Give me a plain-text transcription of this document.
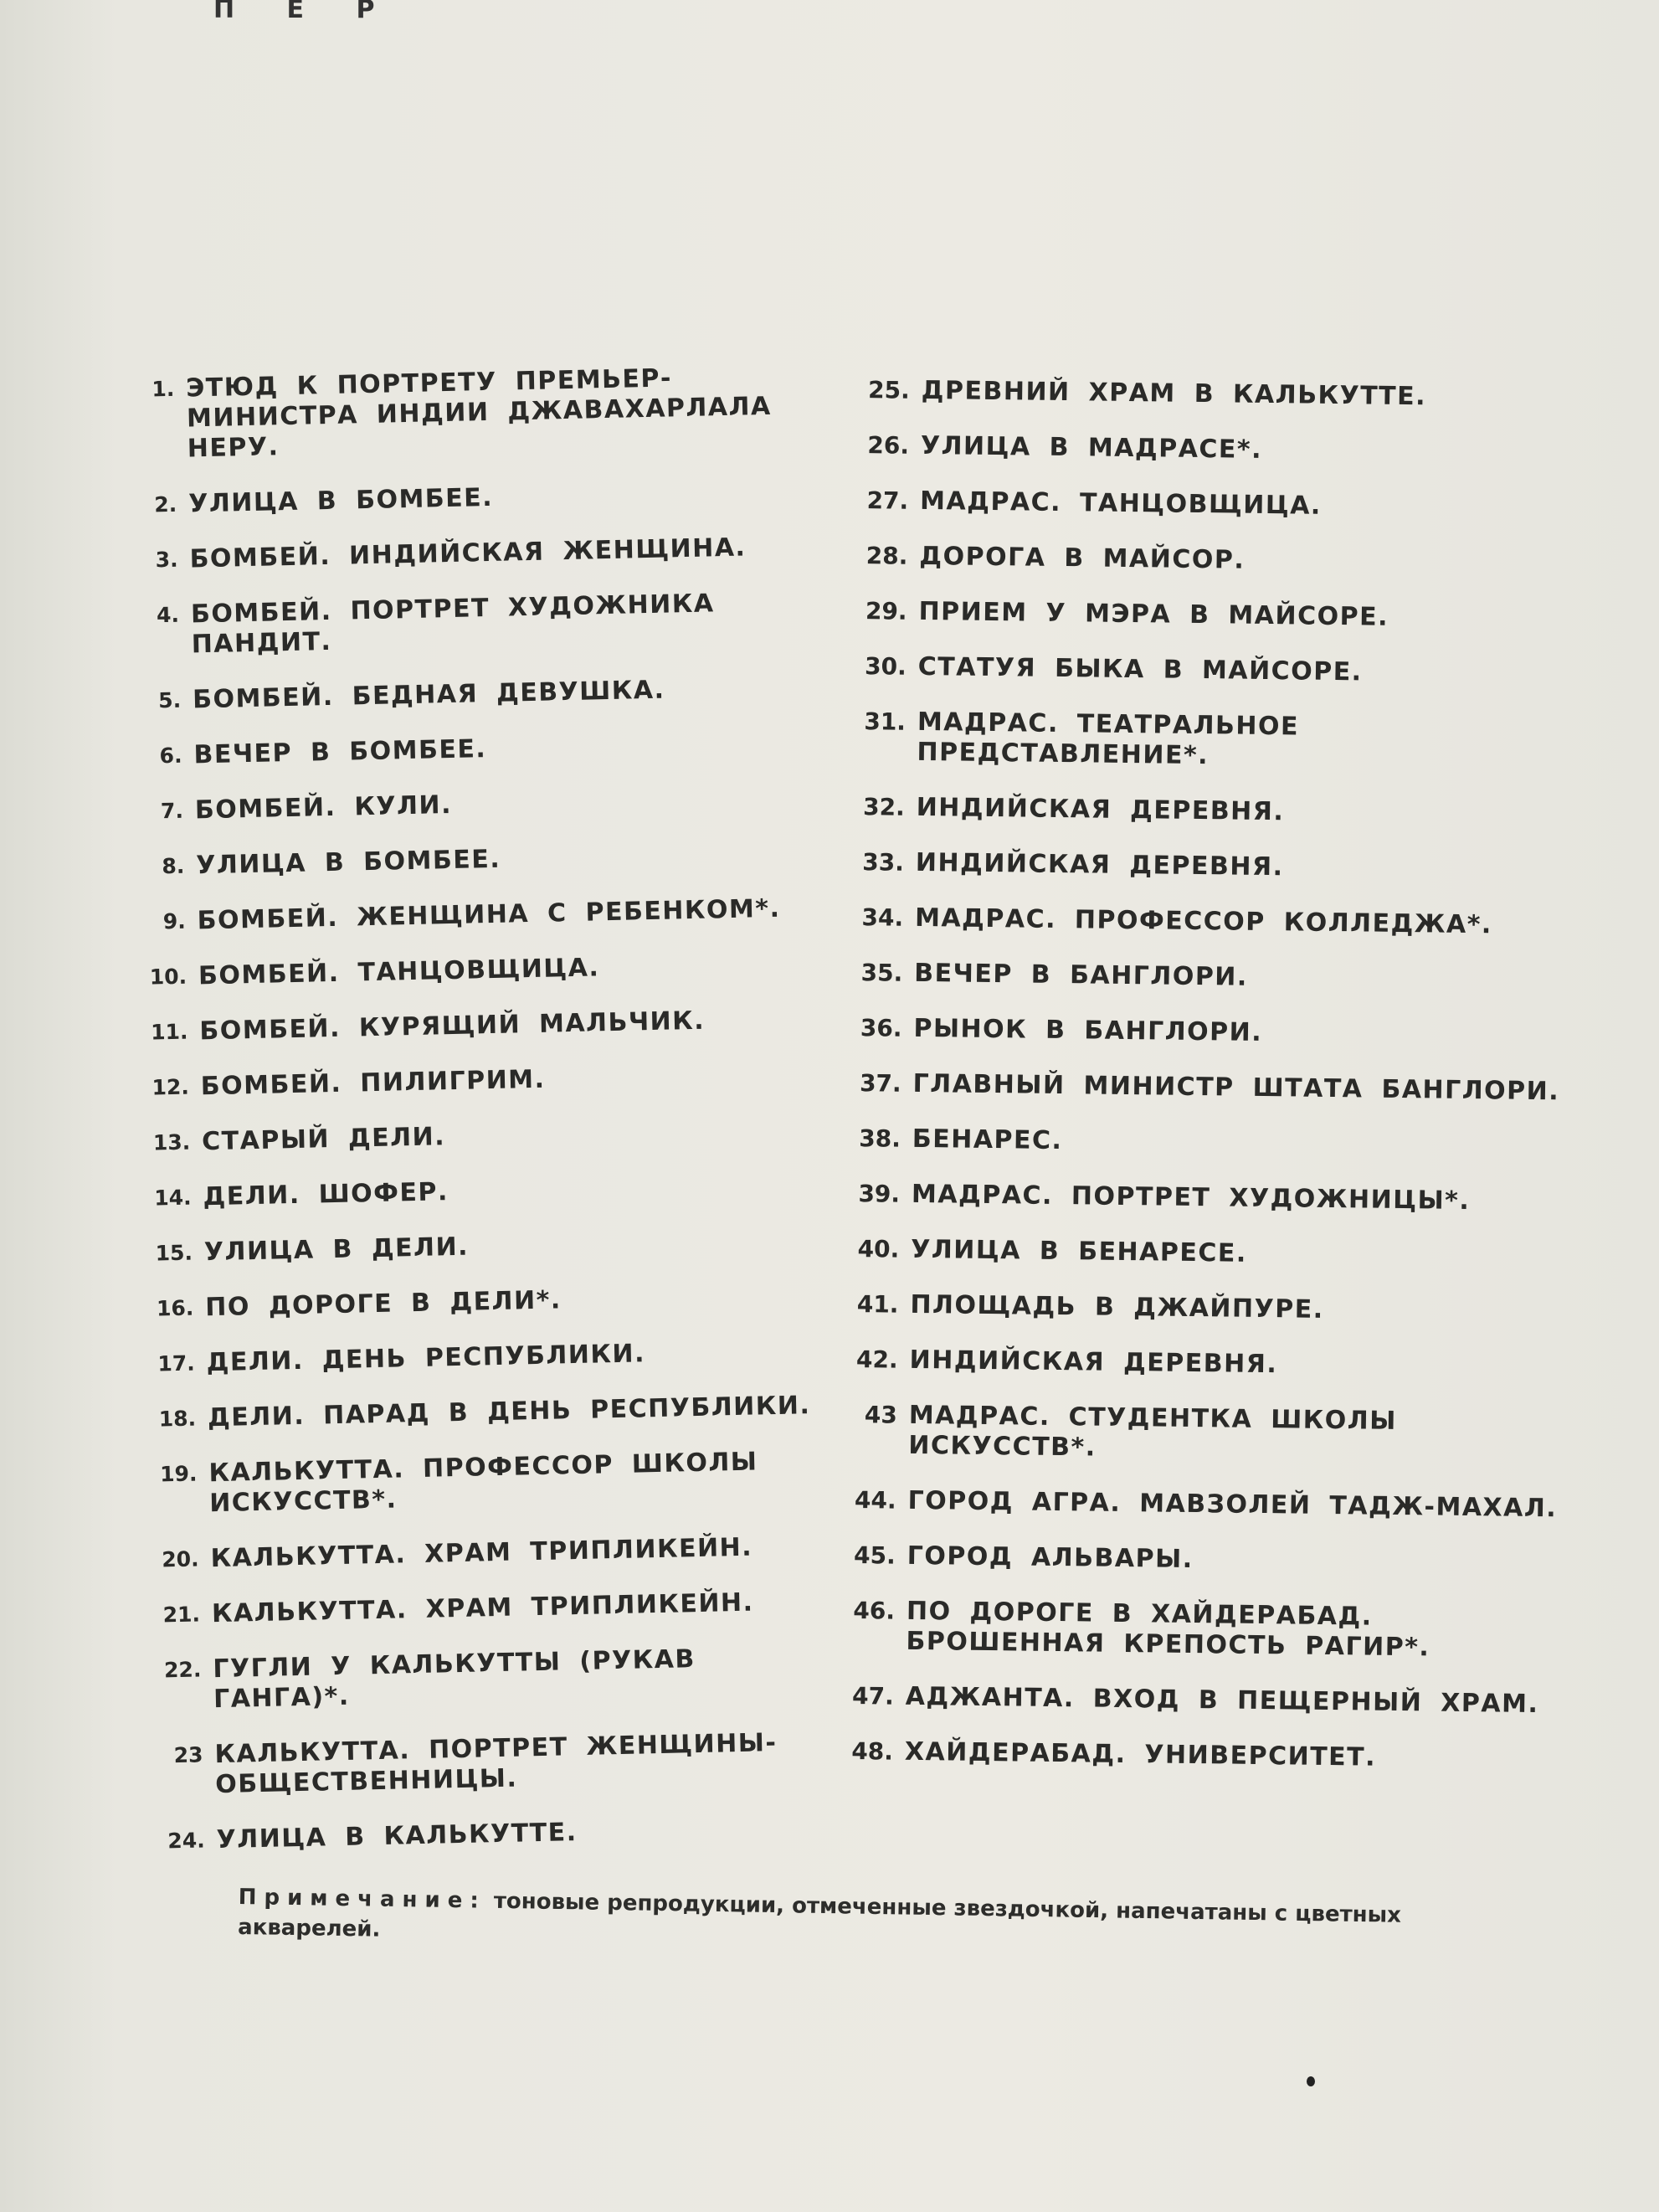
П Е Р
1. ЭТЮД К ПОРТРЕТУ ПРЕМЬЕР-МИНИСТРА ИНДИИ ДЖАВАХАРЛАЛА НЕРУ.
2. УЛИЦА В БОМБЕЕ.
3. БОМБЕЙ. ИНДИЙСКАЯ ЖЕНЩИНА.
4. БОМБЕЙ. ПОРТРЕТ ХУДОЖНИКА ПАНДИТ.
5. БОМБЕЙ. БЕДНАЯ ДЕВУШКА.
6. ВЕЧЕР В БОМБЕЕ.
7. БОМБЕЙ. КУЛИ.
8. УЛИЦА В БОМБЕЕ.
9. БОМБЕЙ. ЖЕНЩИНА С РЕБЕНКОМ*.
10. БОМБЕЙ. ТАНЦОВЩИЦА.
11. БОМБЕЙ. КУРЯЩИЙ МАЛЬЧИК.
12. БОМБЕЙ. ПИЛИГРИМ.
13. СТАРЫЙ ДЕЛИ.
14. ДЕЛИ. ШОФЕР.
15. УЛИЦА В ДЕЛИ.
16. ПО ДОРОГЕ В ДЕЛИ*.
17. ДЕЛИ. ДЕНЬ РЕСПУБЛИКИ.
18. ДЕЛИ. ПАРАД В ДЕНЬ РЕСПУБЛИКИ.
19. КАЛЬКУТТА. ПРОФЕССОР ШКОЛЫ ИСКУССТВ*.
20. КАЛЬКУТТА. ХРАМ ТРИПЛИКЕЙН.
21. КАЛЬКУТТА. ХРАМ ТРИПЛИКЕЙН.
22. ГУГЛИ У КАЛЬКУТТЫ (РУКАВ ГАНГА)*.
23 КАЛЬКУТТА. ПОРТРЕТ ЖЕНЩИНЫ-ОБЩЕСТВЕННИЦЫ.
24. УЛИЦА В КАЛЬКУТТЕ.
25. ДРЕВНИЙ ХРАМ В КАЛЬКУТТЕ.
26. УЛИЦА В МАДРАСЕ*.
27. МАДРАС. ТАНЦОВЩИЦА.
28. ДОРОГА В МАЙСОР.
29. ПРИЕМ У МЭРА В МАЙСОРЕ.
30. СТАТУЯ БЫКА В МАЙСОРЕ.
31. МАДРАС. ТЕАТРАЛЬНОЕ ПРЕДСТАВЛЕНИЕ*.
32. ИНДИЙСКАЯ ДЕРЕВНЯ.
33. ИНДИЙСКАЯ ДЕРЕВНЯ.
34. МАДРАС. ПРОФЕССОР КОЛЛЕДЖА*.
35. ВЕЧЕР В БАНГЛОРИ.
36. РЫНОК В БАНГЛОРИ.
37. ГЛАВНЫЙ МИНИСТР ШТАТА БАНГЛОРИ.
38. БЕНАРЕС.
39. МАДРАС. ПОРТРЕТ ХУДОЖНИЦЫ*.
40. УЛИЦА В БЕНАРЕСЕ.
41. ПЛОЩАДЬ В ДЖАЙПУРЕ.
42. ИНДИЙСКАЯ ДЕРЕВНЯ.
43 МАДРАС. СТУДЕНТКА ШКОЛЫ ИСКУССТВ*.
44. ГОРОД АГРА. МАВЗОЛЕЙ ТАДЖ-МАХАЛ.
45. ГОРОД АЛЬВАРЫ.
46. ПО ДОРОГЕ В ХАЙДЕРАБАД. БРОШЕННАЯ КРЕПОСТЬ РАГИР*.
47. АДЖАНТА. ВХОД В ПЕЩЕРНЫЙ ХРАМ.
48. ХАЙДЕРАБАД. УНИВЕРСИТЕТ.
Примечание: тоновые репродукции, отмеченные звездочкой, напечатаны с цветных акварелей.
